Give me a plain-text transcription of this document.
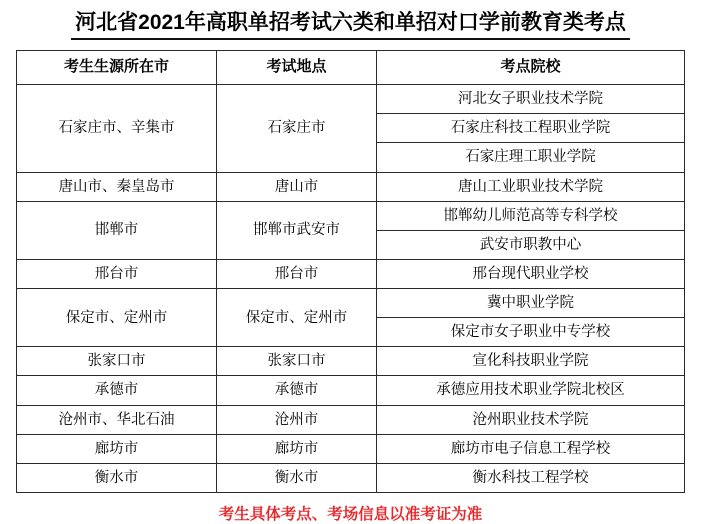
河北省2021年高职单招考试六类和单招对口学前教育类考点
考生生源所在市	考试地点	考点院校
石家庄市、辛集市	石家庄市	河北女子职业技术学院
		石家庄科技工程职业学院
		石家庄理工职业学院
唐山市、秦皇岛市	唐山市	唐山工业职业技术学院
邯郸市	邯郸市武安市	邯郸幼儿师范高等专科学校
		武安市职教中心
邢台市	邢台市	邢台现代职业学校
保定市、定州市	保定市、定州市	冀中职业学院
		保定市女子职业中专学校
张家口市	张家口市	宣化科技职业学院
承德市	承德市	承德应用技术职业学院北校区
沧州市、华北石油	沧州市	沧州职业技术学院
廊坊市	廊坊市	廊坊市电子信息工程学校
衡水市	衡水市	衡水科技工程学校
考生具体考点、考场信息以准考证为准
